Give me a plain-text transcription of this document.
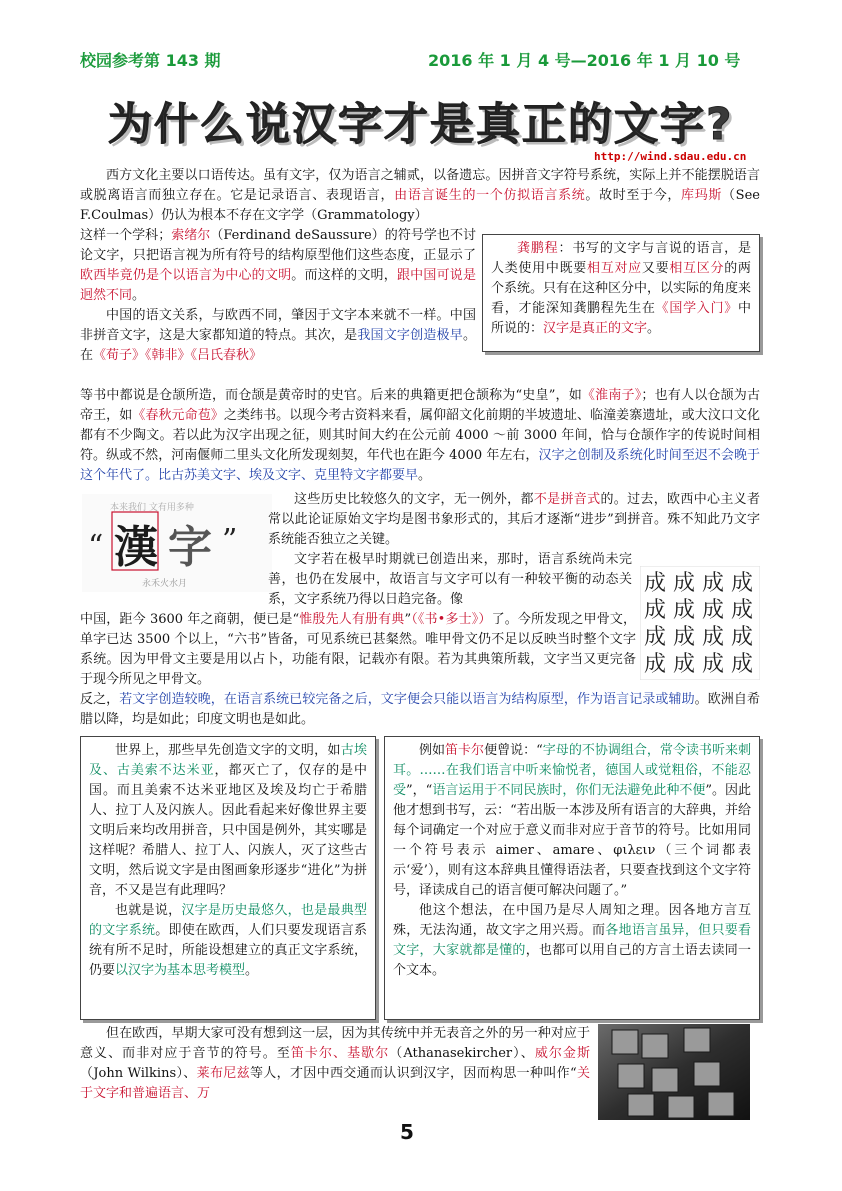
校园参考第 143 期	2016 年 1 月 4 号—2016 年 1 月 10 号
为什么说汉字才是真正的文字?
http://wind.sdau.edu.cn

西方文化主要以口语传达。虽有文字，仅为语言之辅贰，以备遗忘。因拼音文字符号系统，实际上并不能摆脱语言或脱离语言而独立存在。它是记录语言、表现语言，由语言诞生的一个仿拟语言系统。故时至于今，库玛斯（See F.Coulmas）仍认为根本不存在文字学（Grammatology）

这样一个学科；索绪尔（Ferdinand deSaussure）的符号学也不讨论文字，只把语言视为所有符号的结构原型他们这些态度，正显示了欧西毕竟仍是个以语言为中心的文明。而这样的文明，跟中国可说是迥然不同。

中国的语文关系，与欧西不同，肇因于文字本来就不一样。中国非拼音文字，这是大家都知道的特点。其次，是我国文字创造极早。在《荀子》《韩非》《吕氏春秋》

龚鹏程：书写的文字与言说的语言，是人类使用中既要相互对应又要相互区分的两个系统。只有在这种区分中，以实际的角度来看，才能深知龚鹏程先生在《国学入门》中所说的：汉字是真正的文字。

等书中都说是仓颉所造，而仓颉是黄帝时的史官。后来的典籍更把仓颉称为“史皇”，如《淮南子》；也有人以仓颉为古帝王，如《春秋元命苞》之类纬书。以现今考古资料来看，属仰韶文化前期的半坡遗址、临潼姜寨遗址，或大汶口文化都有不少陶文。若以此为汉字出现之征，则其时间大约在公元前 4000 ～前 3000 年间，恰与仓颉作字的传说时间相符。纵或不然，河南偃师二里头文化所发现刻契，年代也在距今 4000 年左右，汉字之创制及系统化时间至迟不会晚于这个年代了。比古苏美文字、埃及文字、克里特文字都要早。
本来我们 文有用多种
“ 漢 字 ”
永禾火水月

这些历史比较悠久的文字，无一例外，都不是拼音式的。过去，欧西中心主义者常以此论证原始文字均是图书象形式的，其后才逐渐“进步”到拼音。殊不知此乃文字系统能否独立之关键。

文字若在极早时期就已创造出来，那时，语言系统尚未完善，也仍在发展中，故语言与文字可以有一种较平衡的动态关系，文字系统乃得以日趋完备。像

成 成 成 成
成 成 成 成
成 成 成 成
成 成 成 成
中国，距今 3600 年之商朝，便已是“惟殷先人有册有典”（《书•多士》）了。今所发现之甲骨文，单字已达 3500 个以上，“六书”皆备，可见系统已甚粲然。唯甲骨文仍不足以反映当时整个文字系统。因为甲骨文主要是用以占卜，功能有限，记载亦有限。若为其典策所载，文字当又更完备于现今所见之甲骨文。
反之，若文字创造较晚，在语言系统已较完备之后，文字便会只能以语言为结构原型，作为语言记录或辅助。欧洲自希腊以降，均是如此；印度文明也是如此。

世界上，那些早先创造文字的文明，如古埃及、古美索不达米亚，都灭亡了，仅存的是中国。而且美索不达米亚地区及埃及均亡于希腊人、拉丁人及闪族人。因此看起来好像世界主要文明后来均改用拼音，只中国是例外，其实哪是这样呢？希腊人、拉丁人、闪族人，灭了这些古文明，然后说文字是由图画象形逐步“进化”为拼音，不又是岂有此理吗？

也就是说，汉字是历史最悠久，也是最典型的文字系统。即使在欧西，人们只要发现语言系统有所不足时，所能设想建立的真正文字系统，仍要以汉字为基本思考模型。

例如笛卡尔便曾说：“字母的不协调组合，常令读书听来刺耳。……在我们语言中听来愉悦者，德国人或觉粗俗，不能忍受”，“语言运用于不同民族时，你们无法避免此种不便”。因此他才想到书写，云：“若出版一本涉及所有语言的大辞典，并给每个词确定一个对应于意义而非对应于音节的符号。比如用同一个符号表示 aimer、amare、φιλειν（三个词都表示‘爱’），则有这本辞典且懂得语法者，只要查找到这个文字符号，译读成自己的语言便可解决问题了。”

他这个想法，在中国乃是尽人周知之理。因各地方言互殊，无法沟通，故文字之用兴焉。而各地语言虽异，但只要看文字，大家就都是懂的，也都可以用自己的方言土语去读同一个文本。

但在欧西，早期大家可没有想到这一层，因为其传统中并无表音之外的另一种对应于意义、而非对应于音节的符号。至笛卡尔、基歇尔（Athanasekircher）、威尔金斯（John Wilkins）、莱布尼兹等人，才因中西交通而认识到汉字，因而构思一种叫作“关于文字和普遍语言、万

5
